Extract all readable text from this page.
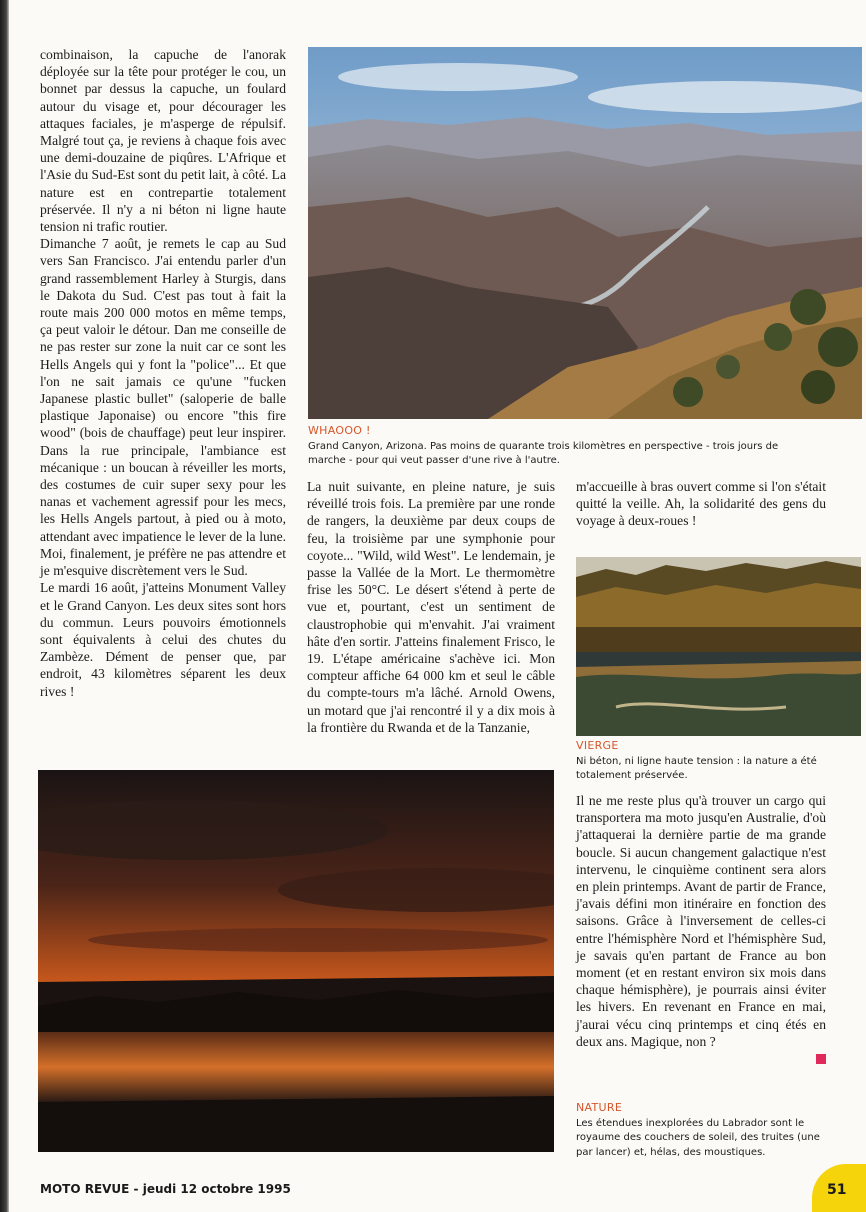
combinaison, la capuche de l'anorak déployée sur la tête pour protéger le cou, un bonnet par dessus la capuche, un foulard autour du visage et, pour décourager les attaques faciales, je m'asperge de répulsif. Malgré tout ça, je reviens à chaque fois avec une demi-douzaine de piqûres. L'Afrique et l'Asie du Sud-Est sont du petit lait, à côté. La nature est en contrepartie totalement préservée. Il n'y a ni béton ni ligne haute tension ni trafic routier.

Dimanche 7 août, je remets le cap au Sud vers San Francisco. J'ai entendu parler d'un grand rassemblement Harley à Sturgis, dans le Dakota du Sud. C'est pas tout à fait la route mais 200 000 motos en même temps, ça peut valoir le détour. Dan me conseille de ne pas rester sur zone la nuit car ce sont les Hells Angels qui y font la "police"... Et que l'on ne sait jamais ce qu'une "fucken Japanese plastic bullet" (saloperie de balle plastique Japonaise) ou encore "this fire wood" (bois de chauffage) peut leur inspirer. Dans la rue principale, l'ambiance est mécanique : un boucan à réveiller les morts, des costumes de cuir super sexy pour les nanas et vachement agressif pour les mecs, les Hells Angels partout, à pied ou à moto, attendant avec impatience le lever de la lune. Moi, finalement, je préfère ne pas attendre et je m'esquive discrètement vers le Sud.

Le mardi 16 août, j'atteins Monument Valley et le Grand Canyon. Les deux sites sont hors du commun. Leurs pouvoirs émotionnels sont équivalents à celui des chutes du Zambèze. Dément de penser que, par endroit, 43 kilomètres séparent les deux rives !

WHAOOO !
Grand Canyon, Arizona. Pas moins de quarante trois kilomètres en perspective - trois jours de marche - pour qui veut passer d'une rive à l'autre.

La nuit suivante, en pleine nature, je suis réveillé trois fois. La première par une ronde de rangers, la deuxième par deux coups de feu, la troisième par une symphonie pour coyote... "Wild, wild West". Le lendemain, je passe la Vallée de la Mort. Le thermomètre frise les 50°C. Le désert s'étend à perte de vue et, pourtant, c'est un sentiment de claustrophobie qui m'envahit. J'ai vraiment hâte d'en sortir. J'atteins finalement Frisco, le 19. L'étape américaine s'achève ici. Mon compteur affiche 64 000 km et seul le câble du compte-tours m'a lâché. Arnold Owens, un motard que j'ai rencontré il y a dix mois à la frontière du Rwanda et de la Tanzanie,

m'accueille à bras ouvert comme si l'on s'était quitté la veille. Ah, la solidarité des gens du voyage à deux-roues !

VIERGE
Ni béton, ni ligne haute tension : la nature a été totalement préservée.

Il ne me reste plus qu'à trouver un cargo qui transportera ma moto jusqu'en Australie, d'où j'attaquerai la dernière partie de ma grande boucle. Si aucun changement galactique n'est intervenu, le cinquième continent sera alors en plein printemps. Avant de partir de France, j'avais défini mon itinéraire en fonction des saisons. Grâce à l'inversement de celles-ci entre l'hémisphère Nord et l'hémisphère Sud, je savais qu'en partant de France au bon moment (et en restant environ six mois dans chaque hémisphère), je pourrais ainsi éviter les hivers. En revenant en France en mai, j'aurai vécu cinq printemps et cinq étés en deux ans. Magique, non ?

NATURE
Les étendues inexplorées du Labrador sont le royaume des couchers de soleil, des truites (une par lancer) et, hélas, des moustiques.
MOTO REVUE - jeudi 12 octobre 1995	51
